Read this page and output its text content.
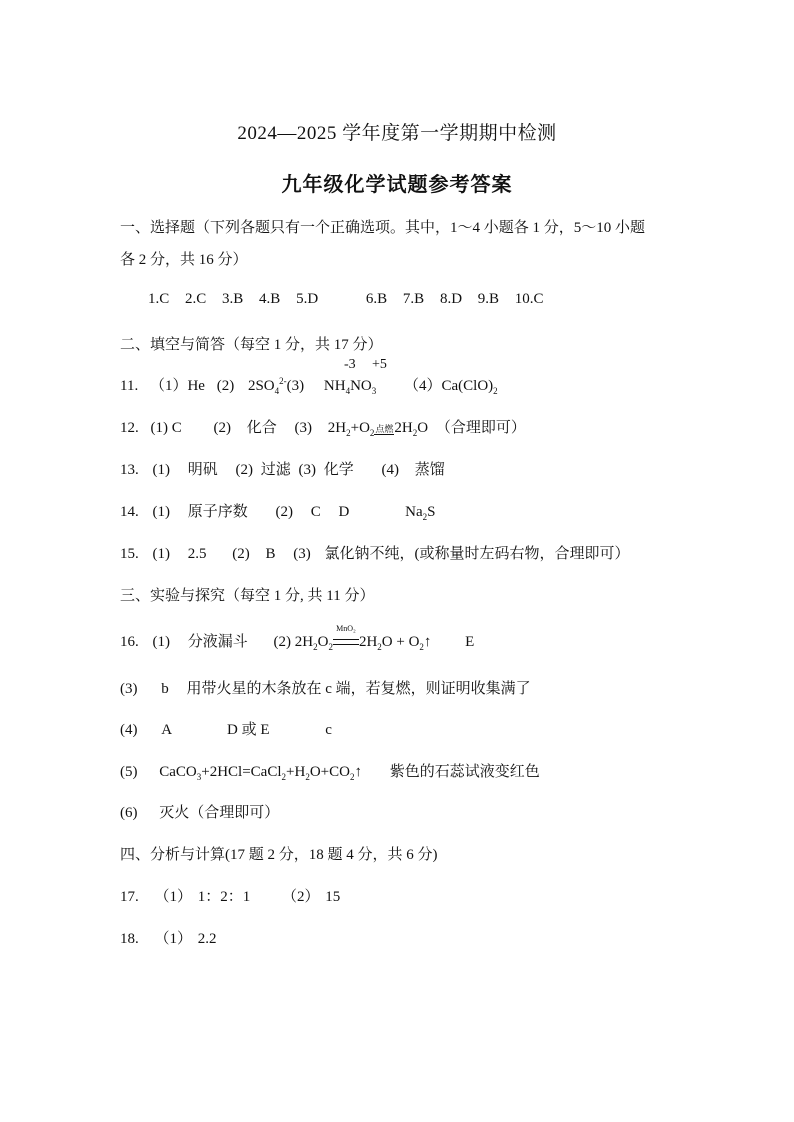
2024—2025 学年度第一学期期中检测
九年级化学试题参考答案
一、选择题（下列各题只有一个正确选项。其中，1～4 小题各 1 分，5～10 小题
各 2 分，共 16 分）
1.C 2.C 3.B 4.B 5.D	6.B 7.B 8.D 9.B 10.C
二、填空与简答（每空 1 分，共 17 分）
-3 +5
11. （1）He (2) $2SO_4^{2-}(3)$ $NH_4NO_3$ $(4)Ca(ClO)_2$
12. (1) C (2) 化合 (3) $2H_2+O_2$点燃$2H_2O$ （合理即可）
13. (1) 明矾 (2) 过滤 (3) 化学 (4) 蒸馏
14. (1) 原子序数 (2) C D	$Na_2S$
15. (1) 2.5 (2) B (3) 氯化钠不纯，(或称量时左码右物，合理即可）
三、实验与探究（每空 1 分, 共 11 分）
16. (1) 分液漏斗 (2) $2H_2O_2$
MnO₂
$2H_2O$ + $O_2↑$ E
(3) b 用带火星的木条放在 c 端，若复燃，则证明收集满了
(4) A	D 或 E	c
(5) $CaCO_3+2HCl=CaCl_2+H_2O+CO_2↑$ 紫色的石蕊试液变红色
(6) 灭火（合理即可）
四、分析与计算(17 题 2 分，18 题 4 分，共 6 分)
17. （1） 1：2：1 （2） 15
18. （1） 2.2
